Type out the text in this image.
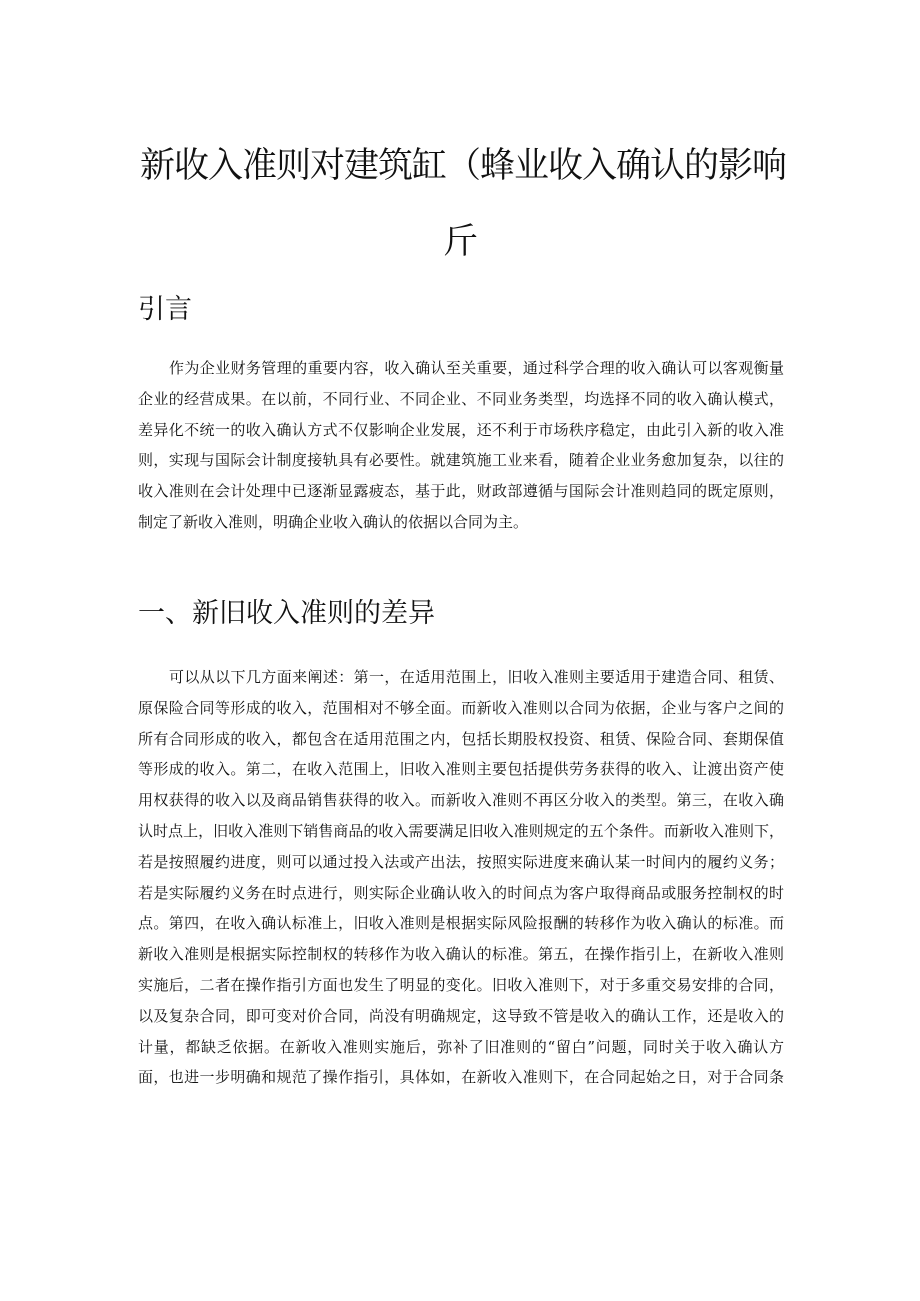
新收入准则对建筑缸（蜂业收入确认的影响
斤
引言
作为企业财务管理的重要内容，收入确认至关重要，通过科学合理的收入确认可以客观衡量
企业的经营成果。在以前，不同行业、不同企业、不同业务类型，均选择不同的收入确认模式，
差异化不统一的收入确认方式不仅影响企业发展，还不利于市场秩序稳定，由此引入新的收入准
则，实现与国际会计制度接轨具有必要性。就建筑施工业来看，随着企业业务愈加复杂，以往的
收入准则在会计处理中已逐渐显露疲态，基于此，财政部遵循与国际会计准则趋同的既定原则，
制定了新收入准则，明确企业收入确认的依据以合同为主。
一、新旧收入准则的差异
可以从以下几方面来阐述：第一，在适用范围上，旧收入准则主要适用于建造合同、租赁、
原保险合同等形成的收入，范围相对不够全面。而新收入准则以合同为依据，企业与客户之间的
所有合同形成的收入，都包含在适用范围之内，包括长期股权投资、租赁、保险合同、套期保值
等形成的收入。第二，在收入范围上，旧收入准则主要包括提供劳务获得的收入、让渡出资产使
用权获得的收入以及商品销售获得的收入。而新收入准则不再区分收入的类型。第三，在收入确
认时点上，旧收入准则下销售商品的收入需要满足旧收入准则规定的五个条件。而新收入准则下，
若是按照履约进度，则可以通过投入法或产出法，按照实际进度来确认某一时间内的履约义务；
若是实际履约义务在时点进行，则实际企业确认收入的时间点为客户取得商品或服务控制权的时
点。第四，在收入确认标准上，旧收入准则是根据实际风险报酬的转移作为收入确认的标准。而
新收入准则是根据实际控制权的转移作为收入确认的标准。第五，在操作指引上，在新收入准则
实施后，二者在操作指引方面也发生了明显的变化。旧收入准则下，对于多重交易安排的合同，
以及复杂合同，即可变对价合同，尚没有明确规定，这导致不管是收入的确认工作，还是收入的
计量，都缺乏依据。在新收入准则实施后，弥补了旧准则的“留白”问题，同时关于收入确认方
面，也进一步明确和规范了操作指引，具体如，在新收入准则下，在合同起始之日，对于合同条
